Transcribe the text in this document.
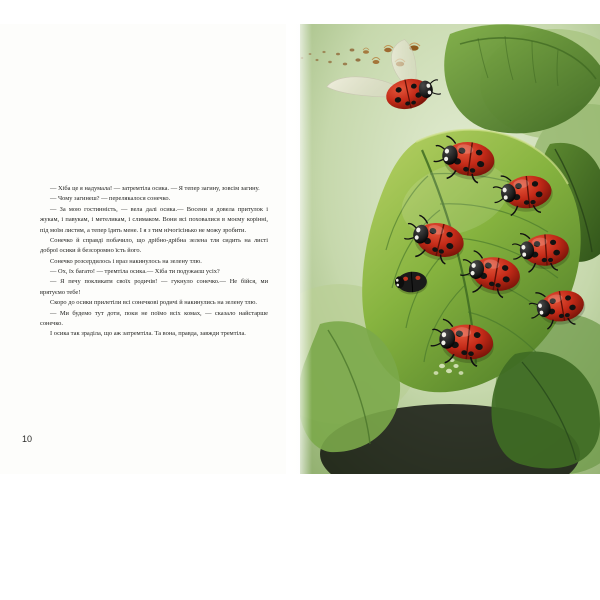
— Хіба це я надумала! — затремтіла осика. — Я тепер загину, зовсім загину.

— Чому загинеш? — перелякалося сонечко.

— За мою гостинність, — вела далі осика.— Восени я довела притулок і жукам, і павукам, і метеликам, і слимаком. Вони всі поховалися в моєму корінні, під моїм листям, а тепер їдять мене. І я з тим нічогісінько не можу зробити.

Сонечко й справді побачило, що дрібно-дрібна зелена тля сидить на листі доброї осики й безсоромно їсть його.

Сонечко розсердилось і враз накинулось на зелену тлю.

— Ох, їх багато! — тремтіла осика.— Хіба ти подужаєш усіх?

— Я печу покликати своїх родичів! — гукнуло сонечко.— Не бійся, ми врятуємо тебе!

Скоро до осики прилетіли всі сонечкові родичі й накинулись на зелену тлю.

— Ми будемо тут доти, поки не поїмо всіх комах, — сказало найстарше сонечко.

І осика так зраділа, що аж затремтіла. Та вона, правда, завжди тремтіла.

10
